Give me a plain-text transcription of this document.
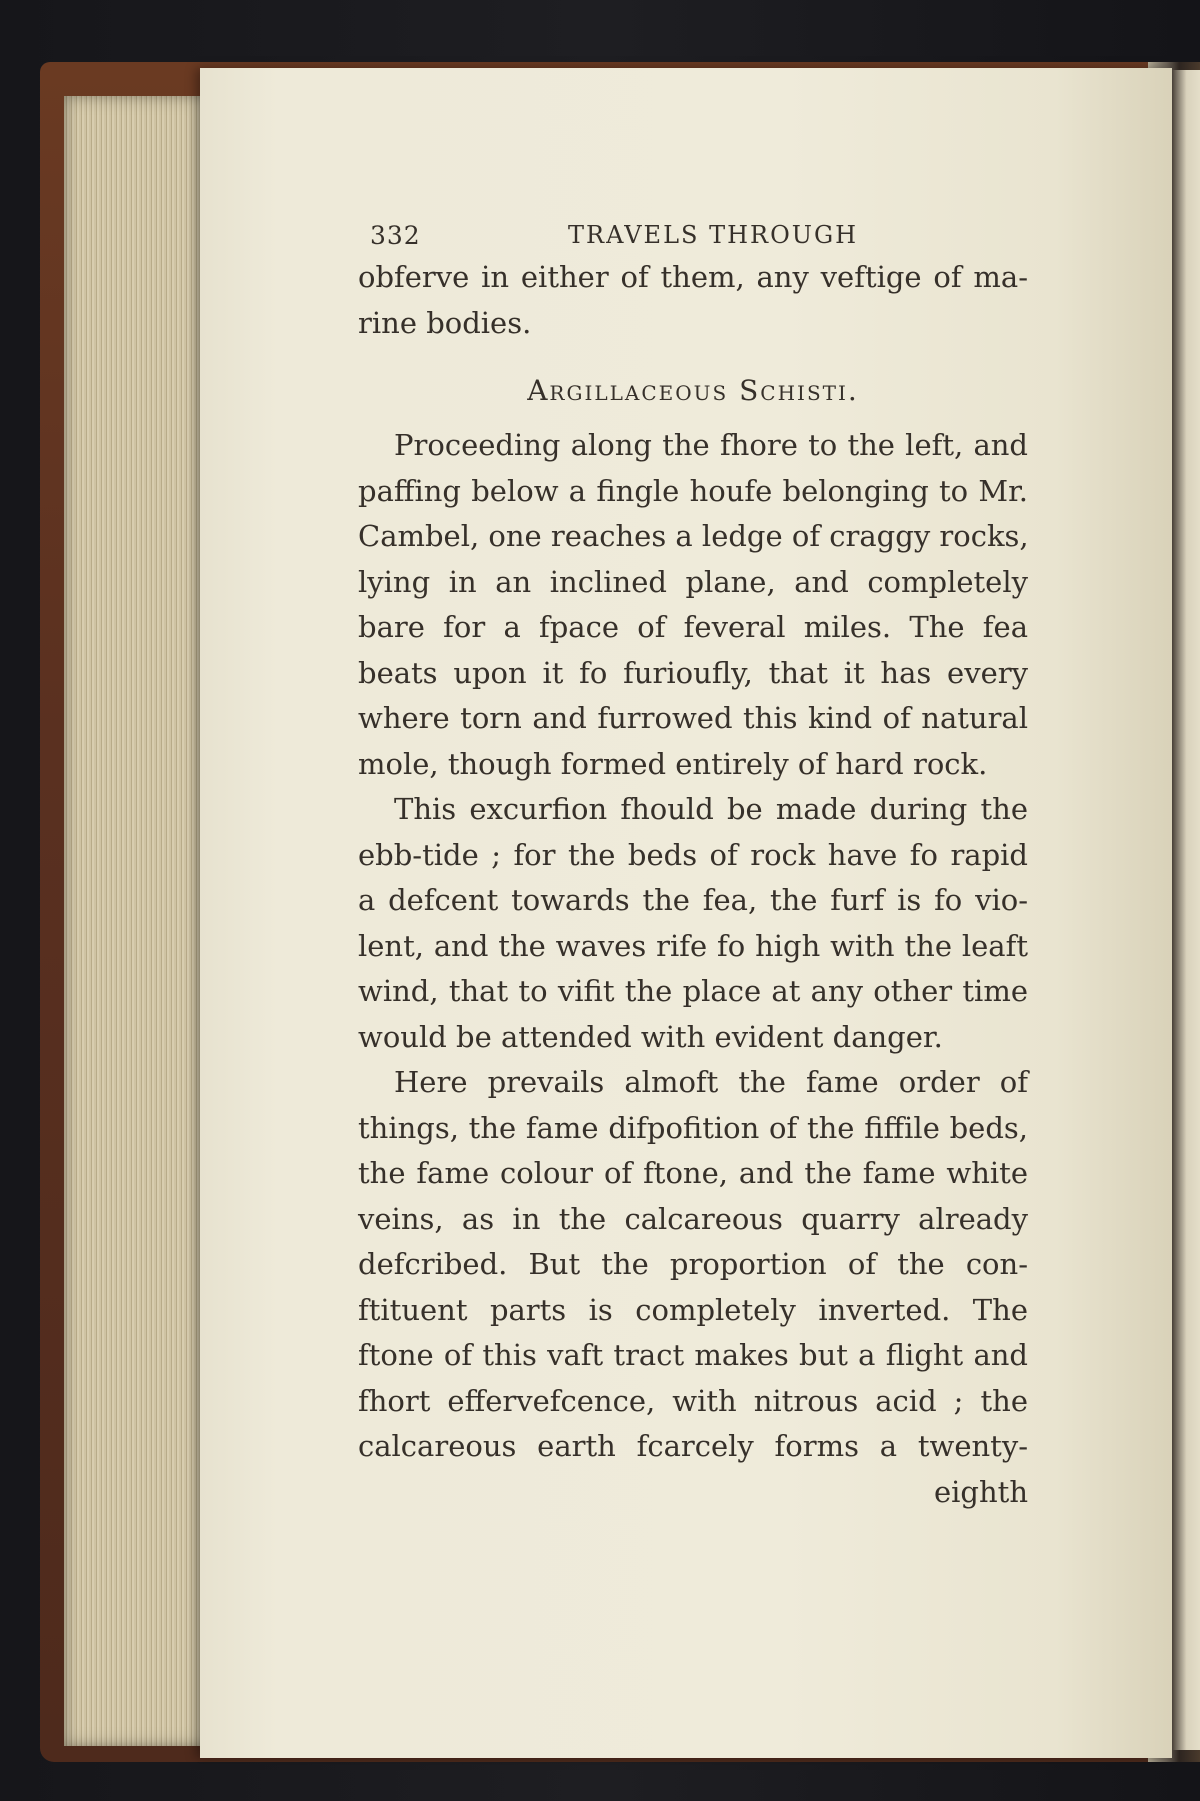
332	TRAVELS THROUGH
obferve in either of them, any veftige of ma-
rine bodies.
Argillaceous Schisti.
Proceeding along the fhore to the left, and
paffing below a fingle houfe belonging to Mr.
Cambel, one reaches a ledge of craggy rocks,
lying in an inclined plane, and completely
bare for a fpace of feveral miles. The fea
beats upon it fo furioufly, that it has every
where torn and furrowed this kind of natural
mole, though formed entirely of hard rock.
This excurfion fhould be made during the
ebb-tide ; for the beds of rock have fo rapid
a defcent towards the fea, the furf is fo vio-
lent, and the waves rife fo high with the leaft
wind, that to vifit the place at any other time
would be attended with evident danger.
Here prevails almoft the fame order of
things, the fame difpofition of the fiffile beds,
the fame colour of ftone, and the fame white
veins, as in the calcareous quarry already
defcribed. But the proportion of the con-
ftituent parts is completely inverted. The
ftone of this vaft tract makes but a flight and
fhort effervefcence, with nitrous acid ; the
calcareous earth fcarcely forms a twenty-
eighth
